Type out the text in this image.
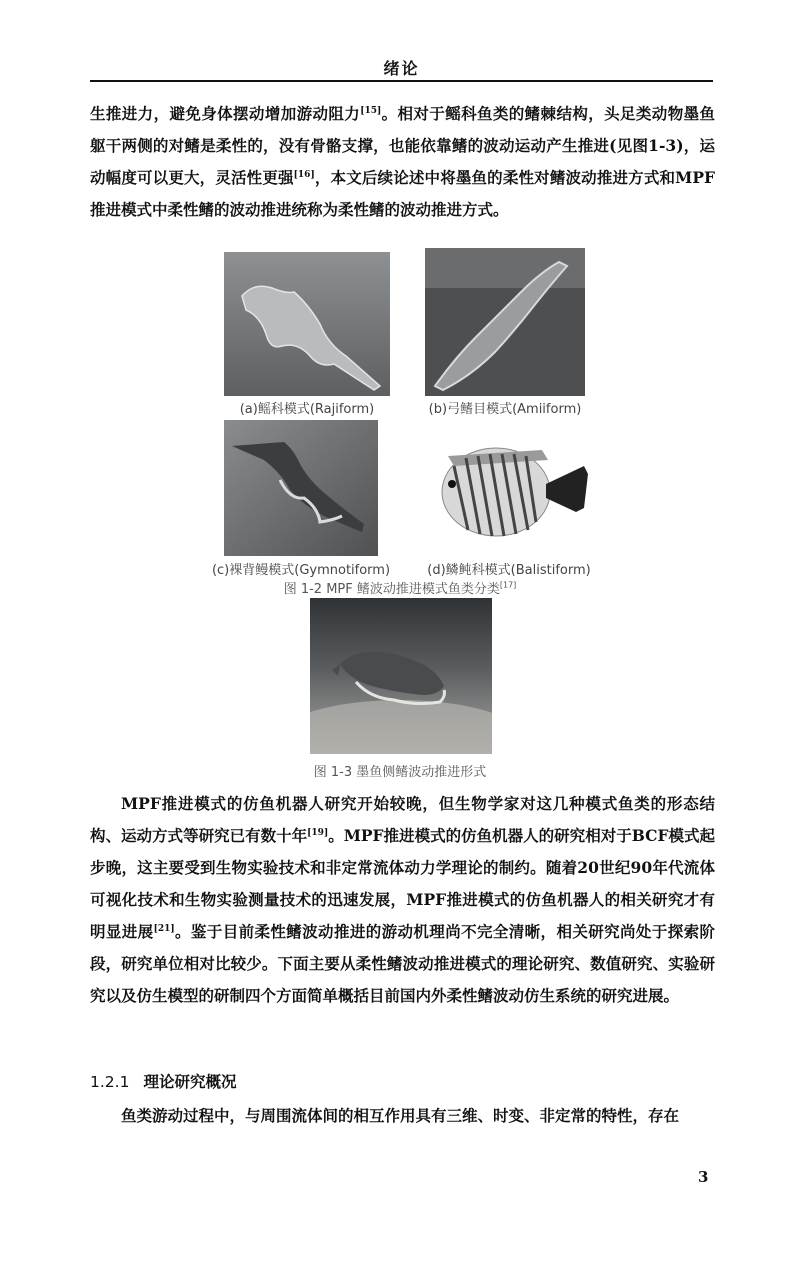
绪论

生推进力，避免身体摆动增加游动阻力[15]。相对于鳐科鱼类的鳍棘结构，头足类动物墨鱼躯干两侧的对鳍是柔性的，没有骨骼支撑，也能依靠鳍的波动运动产生推进(见图1-3)，运动幅度可以更大，灵活性更强[16]，本文后续论述中将墨鱼的柔性对鳍波动推进方式和MPF推进模式中柔性鳍的波动推进统称为柔性鳍的波动推进方式。

(a)鳐科模式(Rajiform)	(b)弓鳍目模式(Amiiform)
(c)裸背鳗模式(Gymnotiform)	(d)鳞鲀科模式(Balistiform)
图 1-2 MPF 鳍波动推进模式鱼类分类[17]
图 1-3 墨鱼侧鳍波动推进形式

MPF推进模式的仿鱼机器人研究开始较晚，但生物学家对这几种模式鱼类的形态结构、运动方式等研究已有数十年[19]。MPF推进模式的仿鱼机器人的研究相对于BCF模式起步晚，这主要受到生物实验技术和非定常流体动力学理论的制约。随着20世纪90年代流体可视化技术和生物实验测量技术的迅速发展，MPF推进模式的仿鱼机器人的相关研究才有明显进展[21]。鉴于目前柔性鳍波动推进的游动机理尚不完全清晰，相关研究尚处于探索阶段，研究单位相对比较少。下面主要从柔性鳍波动推进模式的理论研究、数值研究、实验研究以及仿生模型的研制四个方面简单概括目前国内外柔性鳍波动仿生系统的研究进展。

1.2.1 理论研究概况

鱼类游动过程中，与周围流体间的相互作用具有三维、时变、非定常的特性，存在

3
